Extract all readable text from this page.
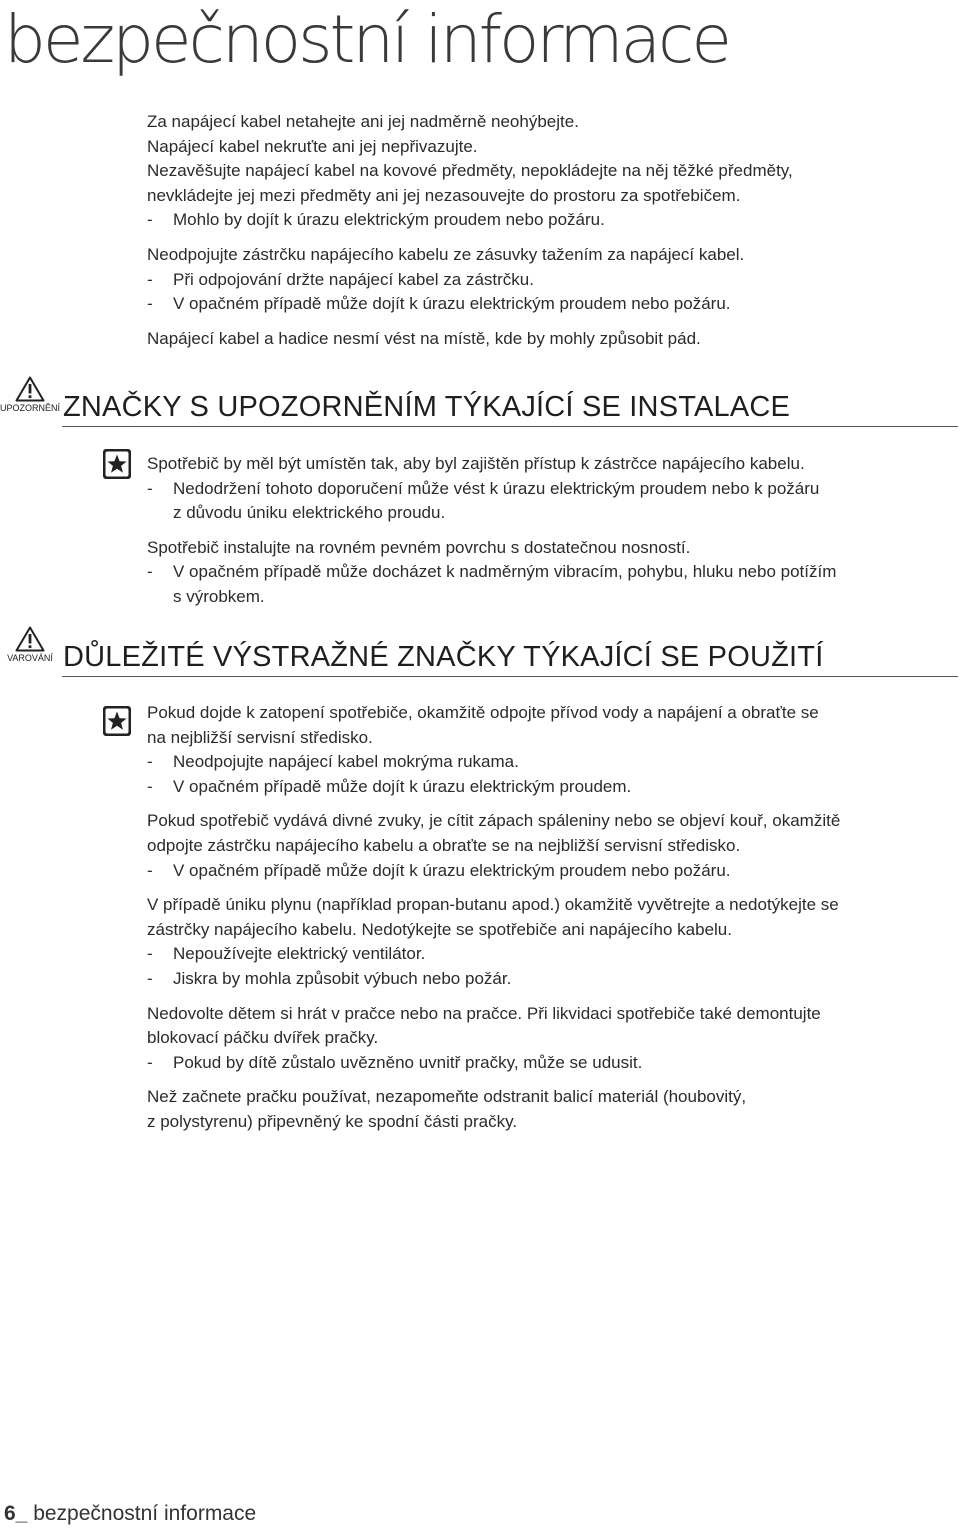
bezpečnostní informace
Za napájecí kabel netahejte ani jej nadměrně neohýbejte.
Napájecí kabel nekruťte ani jej nepřivazujte.
Nezavěšujte napájecí kabel na kovové předměty, nepokládejte na něj těžké předměty,
nevkládejte jej mezi předměty ani jej nezasouvejte do prostoru za spotřebičem.
-	Mohlo by dojít k úrazu elektrickým proudem nebo požáru.
Neodpojujte zástrčku napájecího kabelu ze zásuvky tažením za napájecí kabel.
-	Při odpojování držte napájecí kabel za zástrčku.
-	V opačném případě může dojít k úrazu elektrickým proudem nebo požáru.
Napájecí kabel a hadice nesmí vést na místě, kde by mohly způsobit pád.
UPOZORNĚNÍ ZNAČKY S UPOZORNĚNÍM TÝKAJÍCÍ SE INSTALACE
Spotřebič by měl být umístěn tak, aby byl zajištěn přístup k zástrčce napájecího kabelu.
-	Nedodržení tohoto doporučení může vést k úrazu elektrickým proudem nebo k požáru
z důvodu úniku elektrického proudu.
Spotřebič instalujte na rovném pevném povrchu s dostatečnou nosností.
-	V opačném případě může docházet k nadměrným vibracím, pohybu, hluku nebo potížím
s výrobkem.
VAROVÁNÍ DŮLEŽITÉ VÝSTRAŽNÉ ZNAČKY TÝKAJÍCÍ SE POUŽITÍ
Pokud dojde k zatopení spotřebiče, okamžitě odpojte přívod vody a napájení a obraťte se
na nejbližší servisní středisko.
-	Neodpojujte napájecí kabel mokrýma rukama.
-	V opačném případě může dojít k úrazu elektrickým proudem.
Pokud spotřebič vydává divné zvuky, je cítit zápach spáleniny nebo se objeví kouř, okamžitě
odpojte zástrčku napájecího kabelu a obraťte se na nejbližší servisní středisko.
-	V opačném případě může dojít k úrazu elektrickým proudem nebo požáru.
V případě úniku plynu (například propan-butanu apod.) okamžitě vyvětrejte a nedotýkejte se
zástrčky napájecího kabelu. Nedotýkejte se spotřebiče ani napájecího kabelu.
-	Nepoužívejte elektrický ventilátor.
-	Jiskra by mohla způsobit výbuch nebo požár.
Nedovolte dětem si hrát v pračce nebo na pračce. Při likvidaci spotřebiče také demontujte
blokovací páčku dvířek pračky.
-	Pokud by dítě zůstalo uvězněno uvnitř pračky, může se udusit.
Než začnete pračku používat, nezapomeňte odstranit balicí materiál (houbovitý,
z polystyrenu) připevněný ke spodní části pračky.
6_ bezpečnostní informace
